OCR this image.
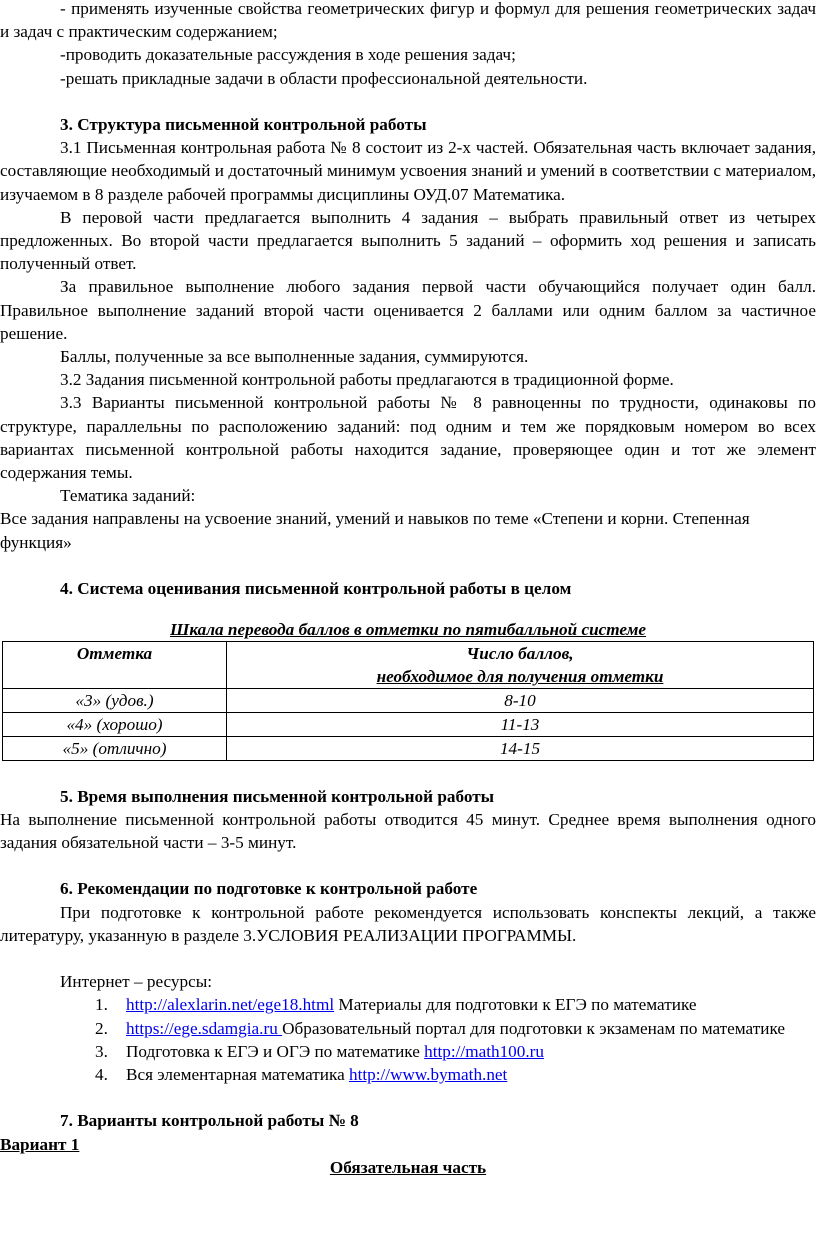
- применять изученные свойства геометрических фигур и формул для решения геометрических задач и задач с практическим содержанием;

-проводить доказательные рассуждения в ходе решения задач;

-решать прикладные задачи в области профессиональной деятельности.

3. Структура письменной контрольной работы

3.1 Письменная контрольная работа № 8 состоит из 2-х частей. Обязательная часть включает задания, составляющие необходимый и достаточный минимум усвоения знаний и умений в соответствии с материалом, изучаемом в 8 разделе рабочей программы дисциплины ОУД.07 Математика.

В перовой части предлагается выполнить 4 задания – выбрать правильный ответ из четырех предложенных. Во второй части предлагается выполнить 5 заданий – оформить ход решения и записать полученный ответ.

За правильное выполнение любого задания первой части обучающийся получает один балл. Правильное выполнение заданий второй части оценивается 2 баллами или одним баллом за частичное решение.

Баллы, полученные за все выполненные задания, суммируются.

3.2 Задания письменной контрольной работы предлагаются в традиционной форме.

3.3 Варианты письменной контрольной работы № 8 равноценны по трудности, одинаковы по структуре, параллельны по расположению заданий: под одним и тем же порядковым номером во всех вариантах письменной контрольной работы находится задание, проверяющее один и тот же элемент содержания темы.

Тематика заданий:

Все задания направлены на усвоение знаний, умений и навыков по теме «Степени и корни. Степенная функция»

4. Система оценивания письменной контрольной работы в целом

Шкала перевода баллов в отметки по пятибалльной системе

Отметка	Число баллов,
необходимое для получения отметки
«3» (удов.)	8-10
«4» (хорошо)	11-13
«5» (отлично)	14-15

5. Время выполнения письменной контрольной работы

На выполнение письменной контрольной работы отводится 45 минут. Среднее время выполнения одного задания обязательной части – 3-5 минут.

6. Рекомендации по подготовке к контрольной работе

При подготовке к контрольной работе рекомендуется использовать конспекты лекций, а также литературу, указанную в разделе 3.УСЛОВИЯ РЕАЛИЗАЦИИ ПРОГРАММЫ.

Интернет – ресурсы:

1. http://alexlarin.net/ege18.html Материалы для подготовки к ЕГЭ по математике
2. https://ege.sdamgia.ru Образовательный портал для подготовки к экзаменам по математике
3. Подготовка к ЕГЭ и ОГЭ по математике http://math100.ru
4. Вся элементарная математика http://www.bymath.net

7. Варианты контрольной работы № 8

Вариант 1

Обязательная часть
